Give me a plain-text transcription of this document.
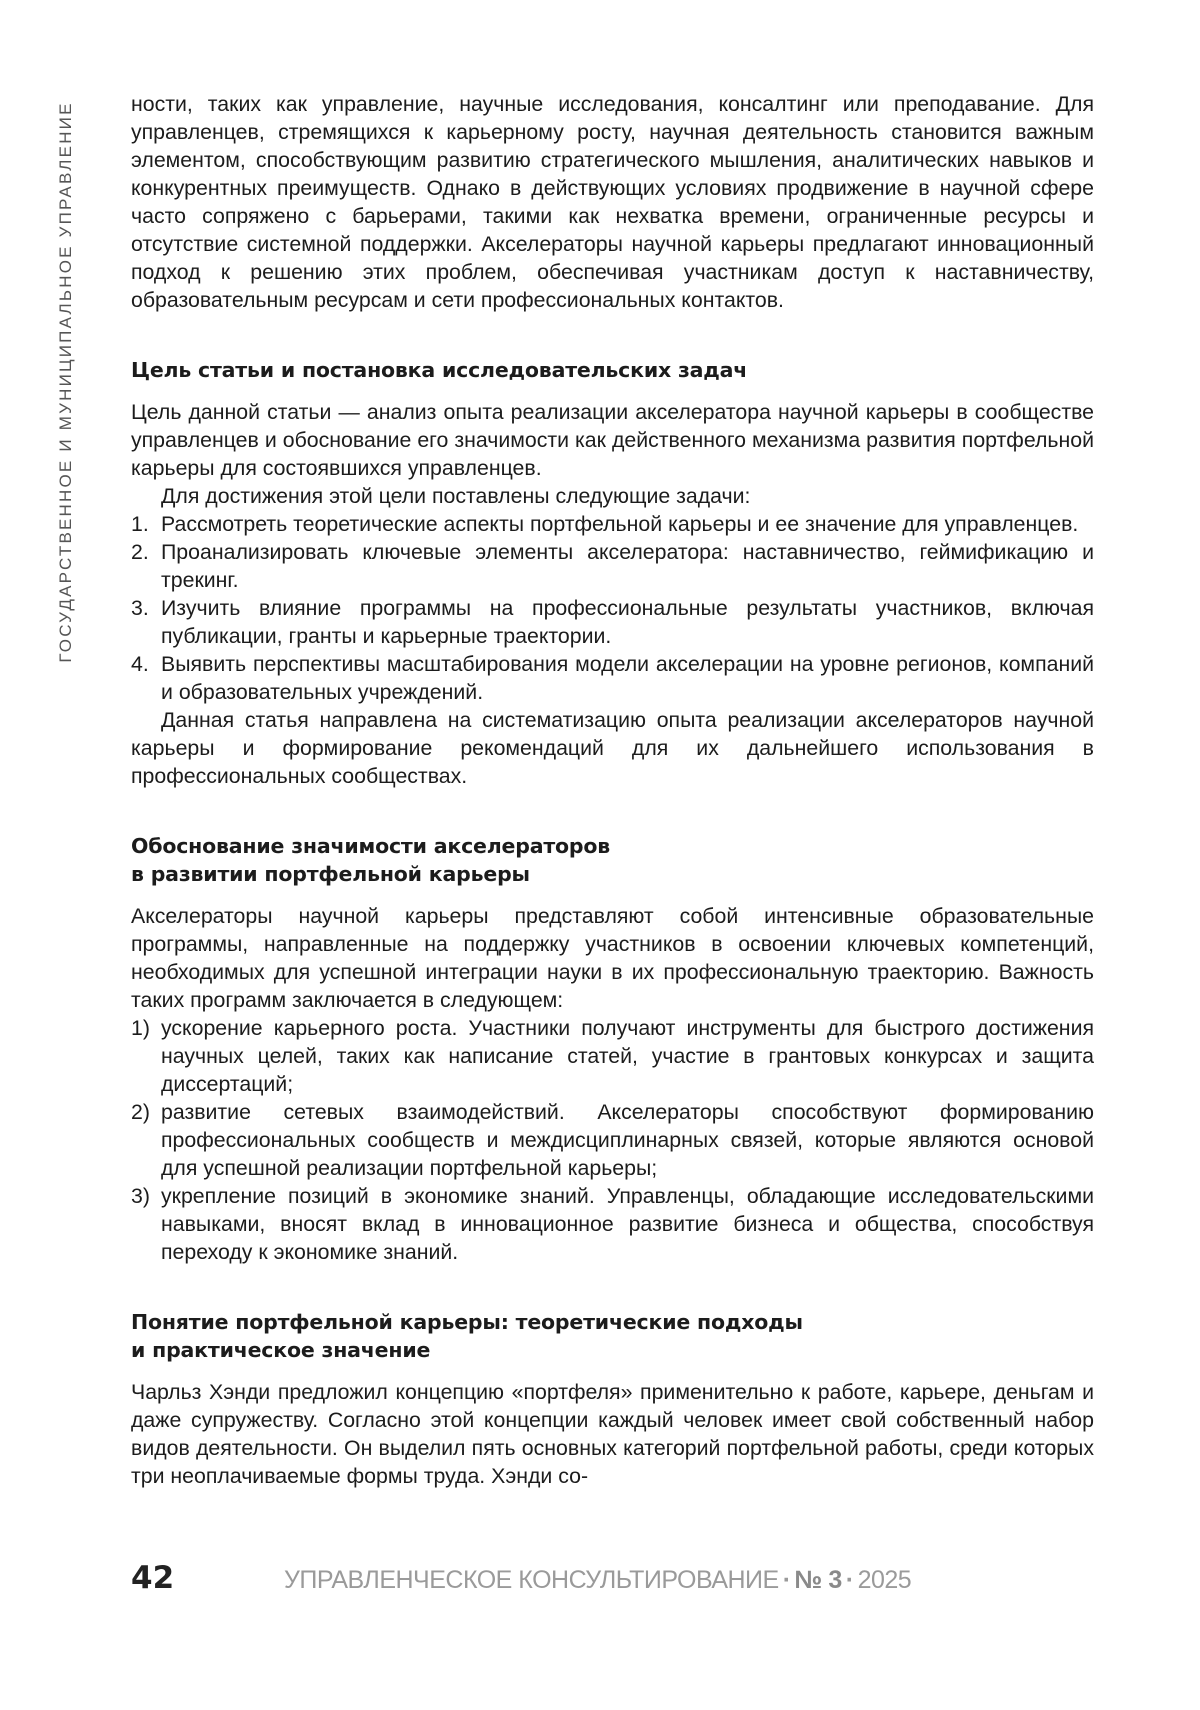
ГОСУДАРСТВЕННОЕ И МУНИЦИПАЛЬНОЕ УПРАВЛЕНИЕ	ности, таких как управление, научные исследования, консалтинг или преподавание. Для управленцев, стремящихся к карьерному росту, научная деятельность становится важным элементом, способствующим развитию стратегического мышления, аналитических навыков и конкурентных преимуществ. Однако в действующих условиях продвижение в научной сфере часто сопряжено с барьерами, такими как нехватка времени, ограниченные ресурсы и отсутствие системной поддержки. Акселераторы научной карьеры предлагают инновационный подход к решению этих проблем, обеспечивая участникам доступ к наставничеству, образовательным ресурсам и сети профессиональных контактов.

Цель статьи и постановка исследовательских задач

Цель данной статьи — анализ опыта реализации акселератора научной карьеры в сообществе управленцев и обоснование его значимости как действенного механизма развития портфельной карьеры для состоявшихся управленцев.

Для достижения этой цели поставлены следующие задачи:

1. Рассмотреть теоретические аспекты портфельной карьеры и ее значение для управленцев.
2. Проанализировать ключевые элементы акселератора: наставничество, геймификацию и трекинг.
3. Изучить влияние программы на профессиональные результаты участников, включая публикации, гранты и карьерные траектории.
4. Выявить перспективы масштабирования модели акселерации на уровне регионов, компаний и образовательных учреждений.

Данная статья направлена на систематизацию опыта реализации акселераторов научной карьеры и формирование рекомендаций для их дальнейшего использования в профессиональных сообществах.

Обоснование значимости акселераторов
в развитии портфельной карьеры

Акселераторы научной карьеры представляют собой интенсивные образовательные программы, направленные на поддержку участников в освоении ключевых компетенций, необходимых для успешной интеграции науки в их профессиональную траекторию. Важность таких программ заключается в следующем:

1) ускорение карьерного роста. Участники получают инструменты для быстрого достижения научных целей, таких как написание статей, участие в грантовых конкурсах и защита диссертаций;
2) развитие сетевых взаимодействий. Акселераторы способствуют формированию профессиональных сообществ и междисциплинарных связей, которые являются основой для успешной реализации портфельной карьеры;
3) укрепление позиций в экономике знаний. Управленцы, обладающие исследовательскими навыками, вносят вклад в инновационное развитие бизнеса и общества, способствуя переходу к экономике знаний.
Понятие портфельной карьеры: теоретические подходы
и практическое значение

Чарльз Хэнди предложил концепцию «портфеля» применительно к работе, карьере, деньгам и даже супружеству. Согласно этой концепции каждый человек имеет свой собственный набор видов деятельности. Он выделил пять основных категорий портфельной работы, среди которых три неоплачиваемые формы труда. Хэнди со-

42	УПРАВЛЕНЧЕСКОЕ КОНСУЛЬТИРОВАНИЕ · № 3 · 2025
